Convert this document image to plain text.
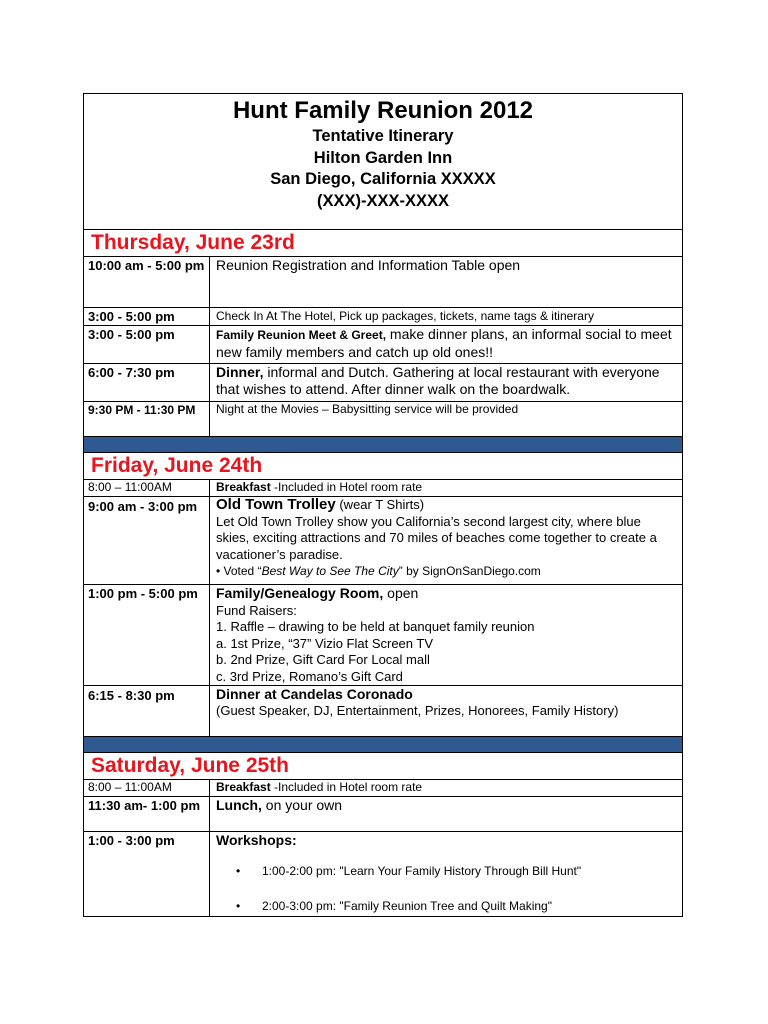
Hunt Family Reunion 2012
Tentative Itinerary
Hilton Garden Inn
San Diego, California XXXXX
(XXX)-XXX-XXXX
Thursday, June 23rd
10:00 am - 5:00 pm Reunion Registration and Information Table open
3:00 - 5:00 pm	Check In At The Hotel, Pick up packages, tickets, name tags & itinerary
3:00 - 5:00 pm	Family Reunion Meet & Greet, make dinner plans, an informal social to meet new family members and catch up old ones!!
6:00 - 7:30 pm	Dinner, informal and Dutch. Gathering at local restaurant with everyone that wishes to attend. After dinner walk on the boardwalk.
9:30 PM - 11:30 PM	Night at the Movies – Babysitting service will be provided
Friday, June 24th
8:00 – 11:00AM	Breakfast -Included in Hotel room rate
9:00 am - 3:00 pm	Old Town Trolley (wear T Shirts)
Let Old Town Trolley show you California’s second largest city, where blue skies, exciting attractions and 70 miles of beaches come together to create a vacationer’s paradise.
• Voted “Best Way to See The City” by SignOnSanDiego.com
1:00 pm - 5:00 pm	Family/Genealogy Room, open
Fund Raisers:
1. Raffle – drawing to be held at banquet family reunion
a. 1st Prize, “37” Vizio Flat Screen TV
b. 2nd Prize, Gift Card For Local mall
c. 3rd Prize, Romano’s Gift Card
6:15 - 8:30 pm	Dinner at Candelas Coronado
(Guest Speaker, DJ, Entertainment, Prizes, Honorees, Family History)
Saturday, June 25th
8:00 – 11:00AM	Breakfast -Included in Hotel room rate
11:30 am- 1:00 pm	Lunch, on your own
1:00 - 3:00 pm	Workshops:
• 1:00-2:00 pm: "Learn Your Family History Through Bill Hunt"
• 2:00-3:00 pm: "Family Reunion Tree and Quilt Making"
